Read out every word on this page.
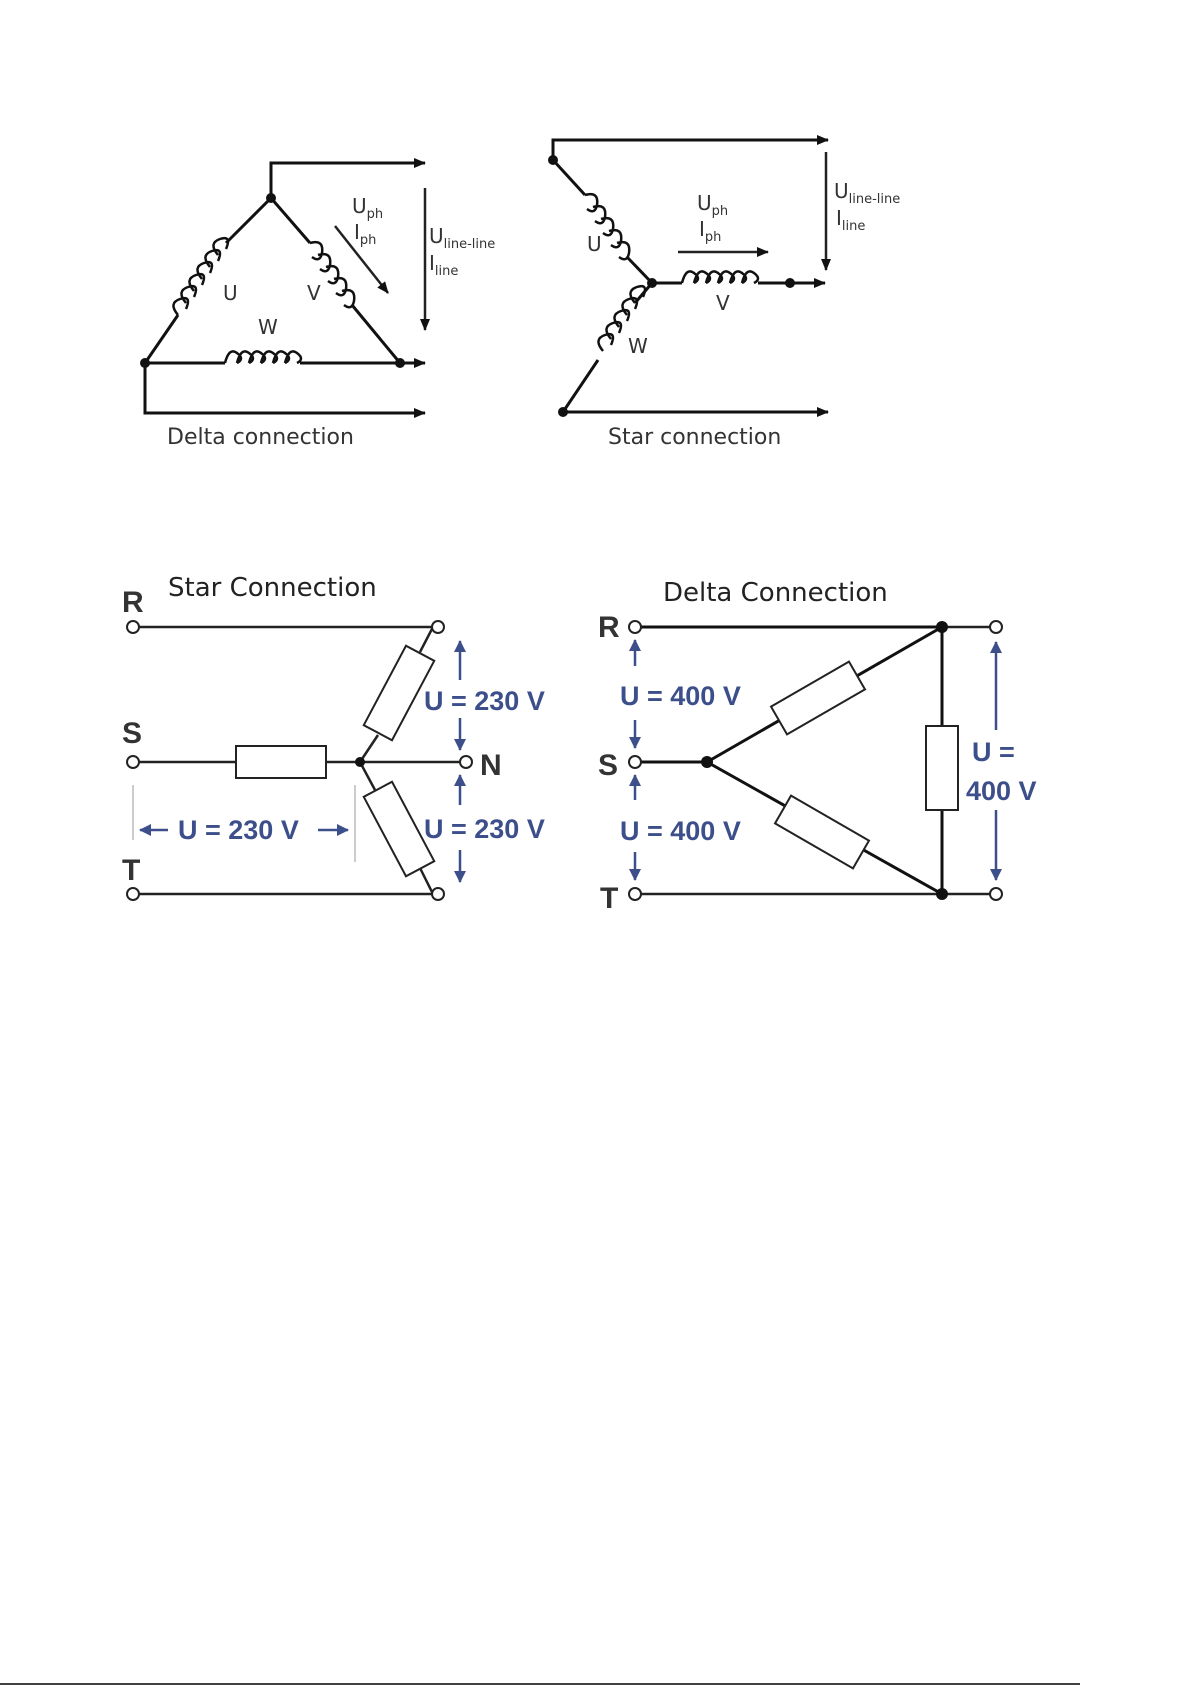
U	V
W
$U_{ph}$
$I_{ph}$	$U_{line-line}$
$I_{line}$
Delta connection
U
V
W
$U_{ph}$
$I_{ph}$
$U_{line-line}$
$I_{line}$
Star connection
Star Connection
R
S
T
N
U = 230 V
U = 230 V
U = 230 V
Delta Connection
R
S
T
U = 400 V
U = 400 V
U =
400 V
